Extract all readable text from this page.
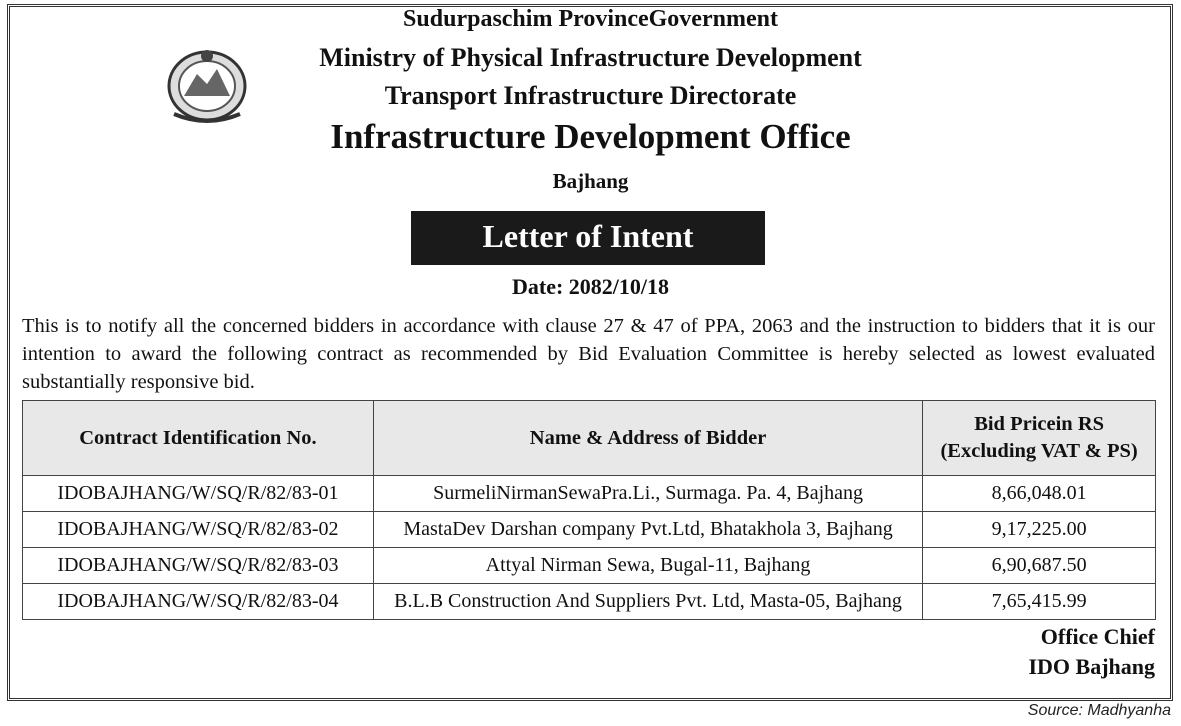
Sudurpaschim ProvinceGovernment
Ministry of Physical Infrastructure Development
Transport Infrastructure Directorate
Infrastructure Development Office
Bajhang
Letter of Intent
Date: 2082/10/18
This is to notify all the concerned bidders in accordance with clause 27 & 47 of PPA, 2063 and the instruction to bidders that it is our intention to award the following contract as recommended by Bid Evaluation Committee is hereby selected as lowest evaluated substantially responsive bid.
Contract Identification No.	Name & Address of Bidder	Bid Pricein RS
(Excluding VAT & PS)
IDOBAJHANG/W/SQ/R/82/83-01	SurmeliNirmanSewaPra.Li., Surmaga. Pa. 4, Bajhang	8,66,048.01
IDOBAJHANG/W/SQ/R/82/83-02	MastaDev Darshan company Pvt.Ltd, Bhatakhola 3, Bajhang	9,17,225.00
IDOBAJHANG/W/SQ/R/82/83-03	Attyal Nirman Sewa, Bugal-11, Bajhang	6,90,687.50
IDOBAJHANG/W/SQ/R/82/83-04	B.L.B Construction And Suppliers Pvt. Ltd, Masta-05, Bajhang	7,65,415.99
Office Chief
IDO Bajhang
Source: Madhyanha
